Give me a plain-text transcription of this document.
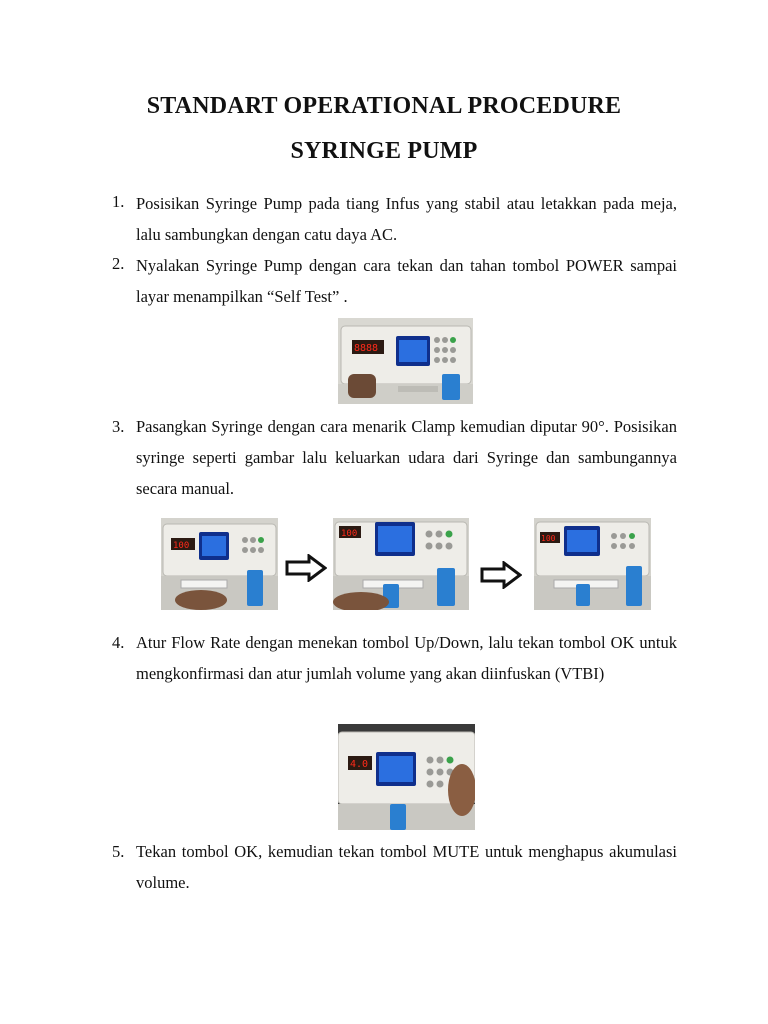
STANDART OPERATIONAL PROCEDURE
SYRINGE PUMP
1. Posisikan Syringe Pump pada tiang Infus yang stabil atau letakkan pada meja, lalu sambungkan dengan catu daya AC.
2. Nyalakan Syringe Pump dengan cara tekan dan tahan tombol POWER sampai layar menampilkan “Self Test” .
8888
3. Pasangkan Syringe dengan cara menarik Clamp kemudian diputar 90°. Posisikan syringe seperti gambar lalu keluarkan udara dari Syringe dan sambungannya secara manual.
100
100	100
4. Atur Flow Rate dengan menekan tombol Up/Down, lalu tekan tombol OK untuk mengkonfirmasi dan atur jumlah volume yang akan diinfuskan (VTBI)
4.0
5. Tekan tombol OK, kemudian tekan tombol MUTE untuk menghapus akumulasi volume.
